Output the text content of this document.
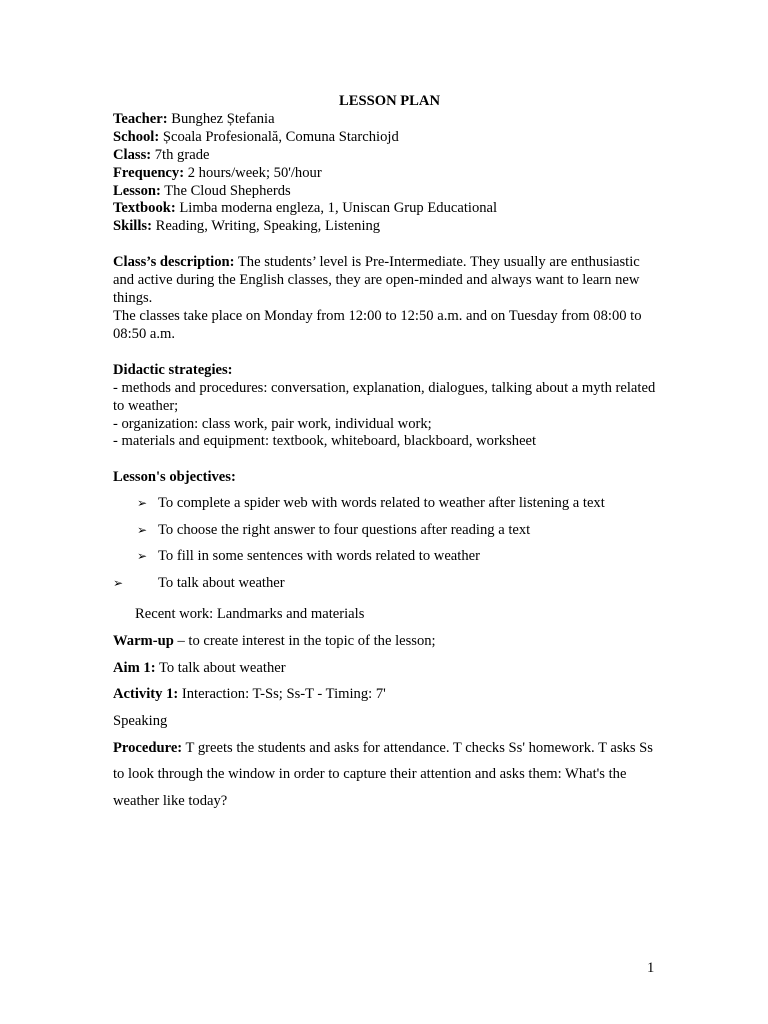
LESSON PLAN

Teacher: Bunghez Ștefania

School: Școala Profesională, Comuna Starchiojd

Class: 7th grade

Frequency: 2 hours/week; 50'/hour

Lesson: The Cloud Shepherds

Textbook: Limba moderna engleza, 1, Uniscan Grup Educational

Skills: Reading, Writing, Speaking, Listening

Class’s description: The students’ level is Pre-Intermediate. They usually are enthusiastic and active during the English classes, they are open-minded and always want to learn new things.

The classes take place on Monday from 12:00 to 12:50 a.m. and on Tuesday from 08:00 to 08:50 a.m.

Didactic strategies:

- methods and procedures: conversation, explanation, dialogues, talking about a myth related to weather;

- organization: class work, pair work, individual work;

- materials and equipment: textbook, whiteboard, blackboard, worksheet

Lesson's objectives:

➢ To complete a spider web with words related to weather after listening a text
➢ To choose the right answer to four questions after reading a text
➢ To fill in some sentences with words related to weather
➢ To talk about weather

Recent work: Landmarks and materials

Warm-up – to create interest in the topic of the lesson;

Aim 1: To talk about weather

Activity 1: Interaction: T-Ss; Ss-T - Timing: 7'

Speaking

Procedure: T greets the students and asks for attendance. T checks Ss' homework. T asks Ss to look through the window in order to capture their attention and asks them: What's the weather like today?

1
